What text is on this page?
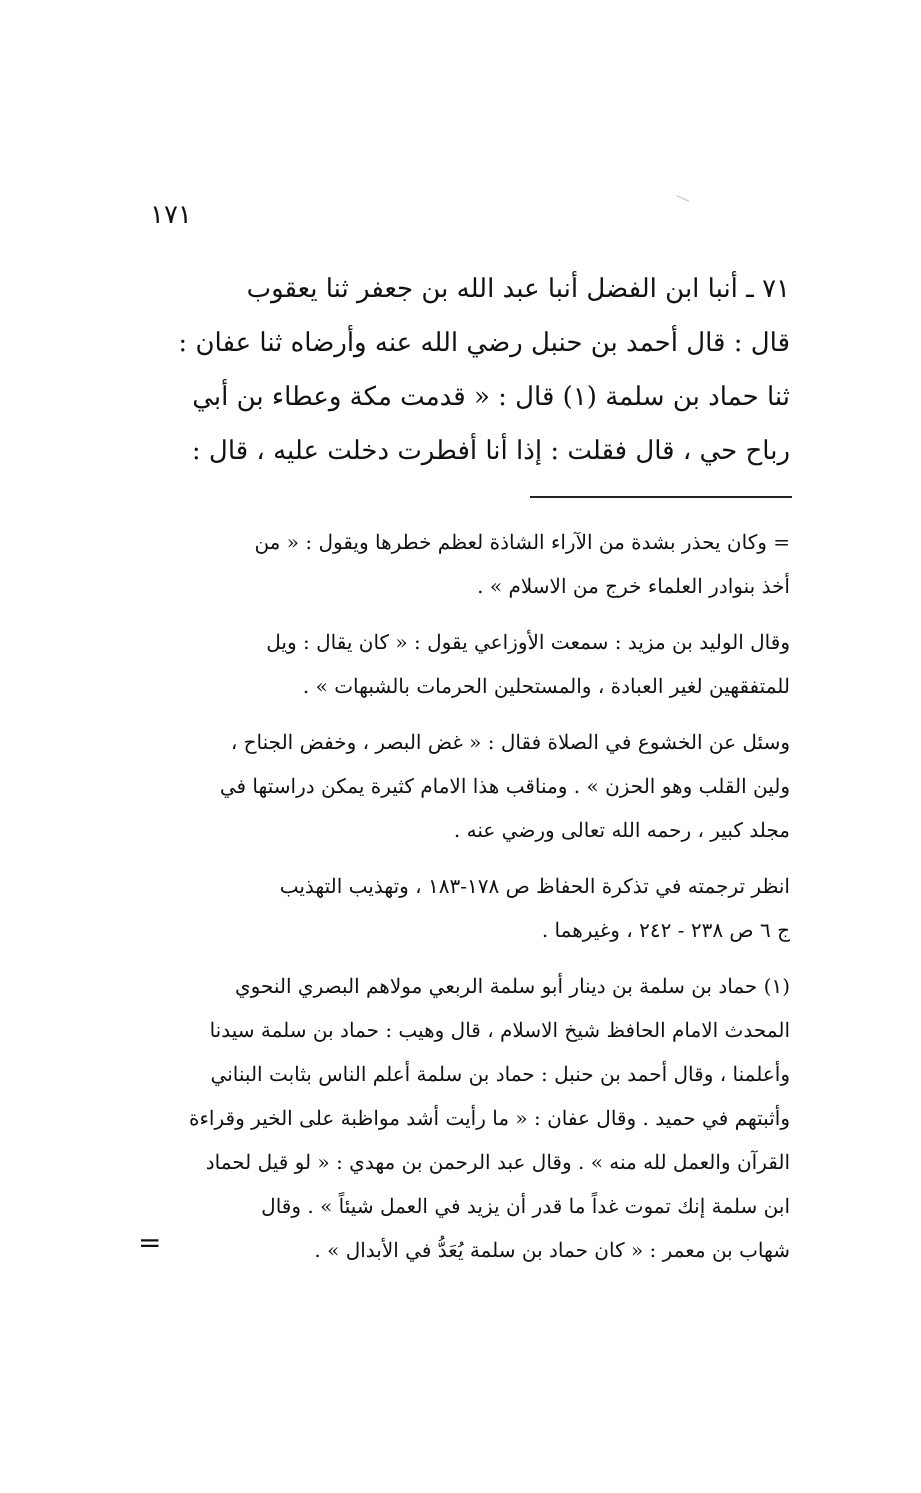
١٧١
٧١ ـ أنبا ابن الفضل أنبا عبد الله بن جعفر ثنا يعقوب
قال : قال أحمد بن حنبل رضي الله عنه وأرضاه ثنا عفان :
ثنا حماد بن سلمة (١) قال : « قدمت مكة وعطاء بن أبي
رباح حي ، قال فقلت : إذا أنا أفطرت دخلت عليه ، قال :
= وكان يحذر بشدة من الآراء الشاذة لعظم خطرها ويقول : « من
أخذ بنوادر العلماء خرج من الاسلام » .
وقال الوليد بن مزيد : سمعت الأوزاعي يقول : « كان يقال : ويل
للمتفقهين لغير العبادة ، والمستحلين الحرمات بالشبهات » .
وسئل عن الخشوع في الصلاة فقال : « غض البصر ، وخفض الجناح ،
ولين القلب وهو الحزن » . ومناقب هذا الامام كثيرة يمكن دراستها في
مجلد كبير ، رحمه الله تعالى ورضي عنه .
انظر ترجمته في تذكرة الحفاظ ص ١٧٨-١٨٣ ، وتهذيب التهذيب
ج ٦ ص ٢٣٨ - ٢٤٢ ، وغيرهما .
(١) حماد بن سلمة بن دينار أبو سلمة الربعي مولاهم البصري النحوي
المحدث الامام الحافظ شيخ الاسلام ، قال وهيب : حماد بن سلمة سيدنا
وأعلمنا ، وقال أحمد بن حنبل : حماد بن سلمة أعلم الناس بثابت البناني
وأثبتهم في حميد . وقال عفان : « ما رأيت أشد مواظبة على الخير وقراءة
القرآن والعمل لله منه » . وقال عبد الرحمن بن مهدي : « لو قيل لحماد
ابن سلمة إنك تموت غداً ما قدر أن يزيد في العمل شيئاً » . وقال
شهاب بن معمر : « كان حماد بن سلمة يُعَدُّ في الأبدال » .
=
